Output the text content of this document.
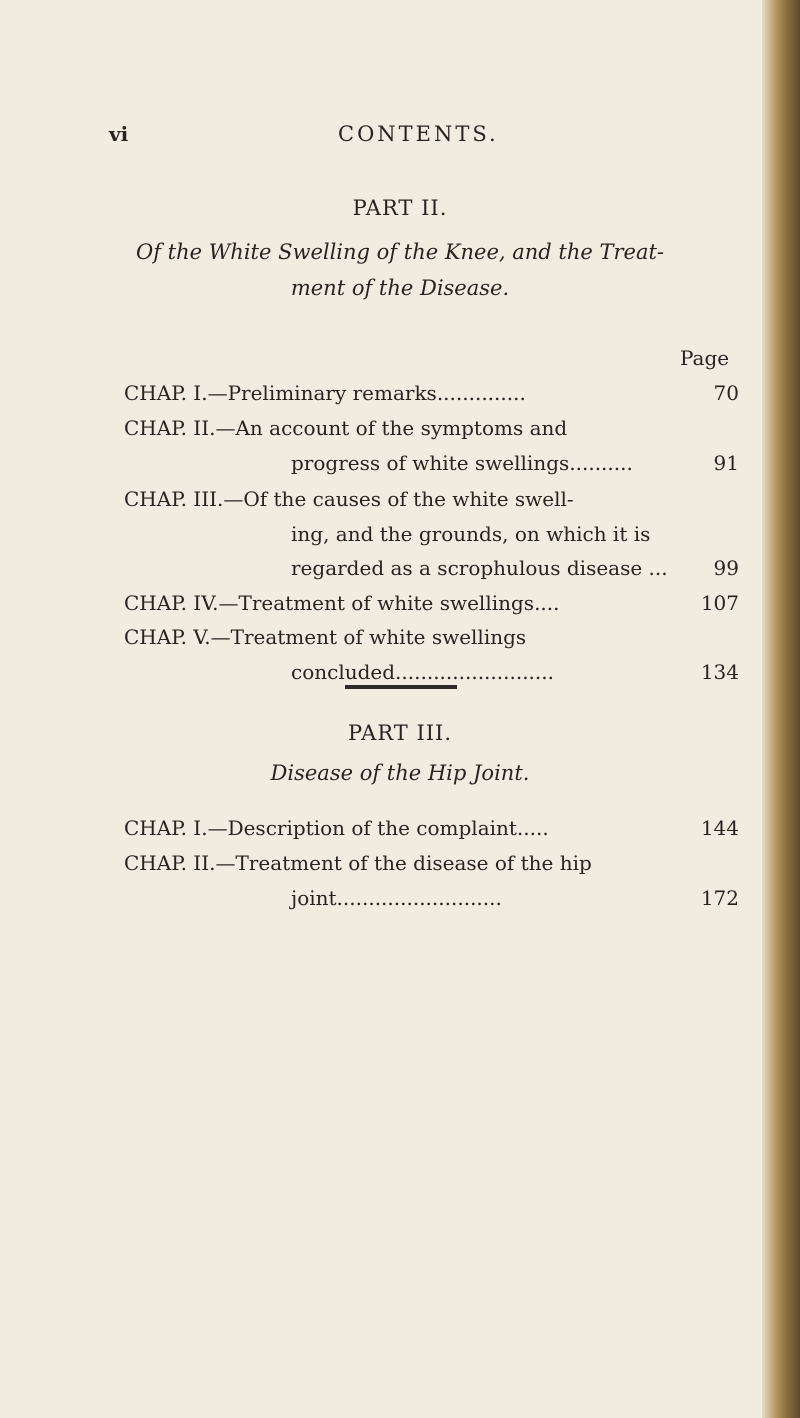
vi	CONTENTS.
PART II.
Of the White Swelling of the Knee, and the Treat-
ment of the Disease.
Page
CHAP. I.—Preliminary remarks..............	70
CHAP. II.—An account of the symptoms and
progress of white swellings..........	91
CHAP. III.—Of the causes of the white swell-
ing, and the grounds, on which it is
regarded as a scrophulous disease ...	99
CHAP. IV.—Treatment of white swellings....	107
CHAP. V.—Treatment of white swellings
concluded.........................	134
PART III.
Disease of the Hip Joint.
CHAP. I.—Description of the complaint.....	144
CHAP. II.—Treatment of the disease of the hip
joint..........................	172
